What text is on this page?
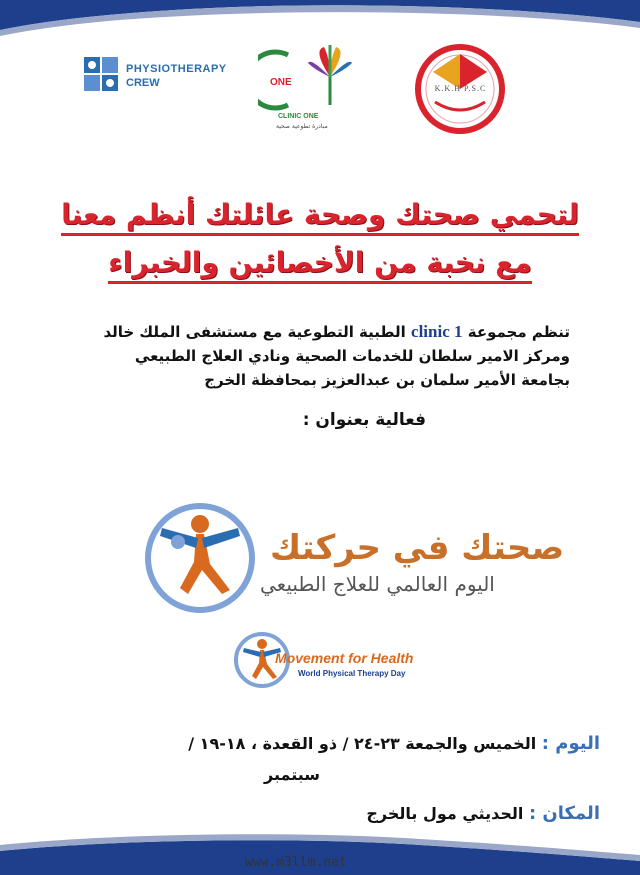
PHYSIOTHERAPY
CREW	ONE
CLINIC ONE
مبادرة تطوعية صحية
K.K.H P.S.C
لتحمي صحتك وصحة عائلتك أنظم معنا
مع نخبة من الأخصائين والخبراء
تنظم مجموعة clinic 1 الطبية التطوعية مع مستشفى الملك خالد
ومركز الامير سلطان للخدمات الصحية ونادي العلاج الطبيعي
بجامعة الأمير سلمان بن عبدالعزيز بمحافظة الخرج
فعالية بعنوان :
صحتك في حركتك
اليوم العالمي للعلاج الطبيعي
Movement for Health
World Physical Therapy Day
اليوم : الخميس والجمعة ٢٣-٢٤ / ذو القعدة ، ١٨-١٩ /
سبتمبر
المكان : الحديثي مول بالخرج
www.m3llm.net
